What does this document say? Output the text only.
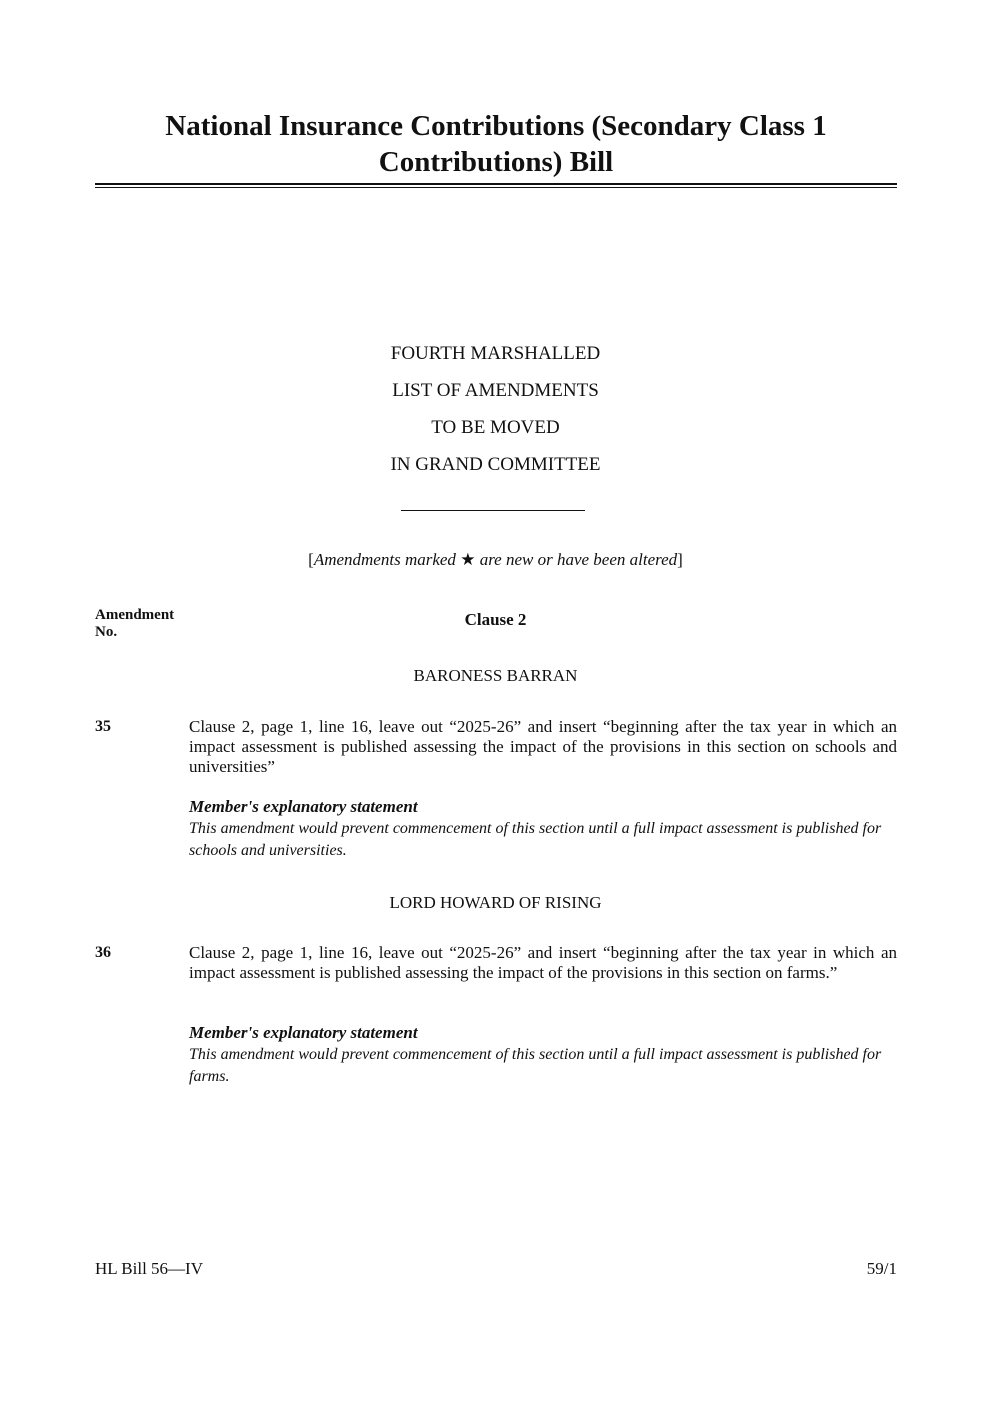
National Insurance Contributions (Secondary Class 1 Contributions) Bill
FOURTH MARSHALLED
LIST OF AMENDMENTS
TO BE MOVED
IN GRAND COMMITTEE
[Amendments marked ★ are new or have been altered]
Amendment
No.
Clause 2
BARONESS BARRAN
35	Clause 2, page 1, line 16, leave out “2025-26” and insert “beginning after the tax year in which an impact assessment is published assessing the impact of the provisions in this section on schools and universities”

Member's explanatory statement

This amendment would prevent commencement of this section until a full impact assessment is published for schools and universities.

LORD HOWARD OF RISING
36	Clause 2, page 1, line 16, leave out “2025-26” and insert “beginning after the tax year in which an impact assessment is published assessing the impact of the provisions in this section on farms.”

Member's explanatory statement

This amendment would prevent commencement of this section until a full impact assessment is published for farms.

HL Bill 56—IV	59/1
